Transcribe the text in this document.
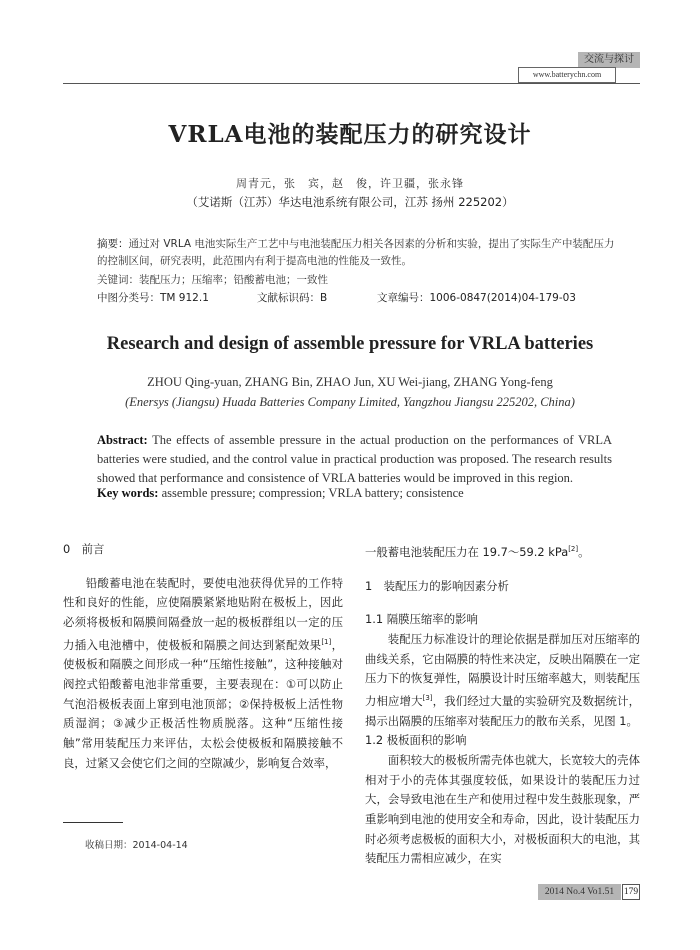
交流与探讨
www.batterychn.com
VRLA电池的装配压力的研究设计
周青元，张　宾，赵　俊，许卫疆，张永锋
（艾诺斯（江苏）华达电池系统有限公司，江苏 扬州 225202）
摘要：通过对 VRLA 电池实际生产工艺中与电池装配压力相关各因素的分析和实验，提出了实际生产中装配压力的控制区间，研究表明，此范围内有利于提高电池的性能及一致性。
关键词：装配压力；压缩率；铅酸蓄电池；一致性
中图分类号：TM 912.1	文献标识码：B	文章编号：1006-0847(2014)04-179-03
Research and design of assemble pressure for VRLA batteries
ZHOU Qing-yuan, ZHANG Bin, ZHAO Jun, XU Wei-jiang, ZHANG Yong-feng
(Enersys (Jiangsu) Huada Batteries Company Limited, Yangzhou Jiangsu 225202, China)
Abstract: The effects of assemble pressure in the actual production on the performances of VRLA batteries were studied, and the control value in practical production was proposed. The research results showed that performance and consistence of VRLA batteries would be improved in this region.
Key words: assemble pressure; compression; VRLA battery; consistence
0　前言

铅酸蓄电池在装配时，要使电池获得优异的工作特性和良好的性能，应使隔膜紧紧地贴附在极板上，因此必须将极板和隔膜间隔叠放一起的极板群组以一定的压力插入电池槽中，使极板和隔膜之间达到紧配效果[1]，使极板和隔膜之间形成一种“压缩性接触”，这种接触对阀控式铅酸蓄电池非常重要，主要表现在：①可以防止气泡沿极板表面上窜到电池顶部；②保持极板上活性物质湿润；③减少正极活性物质脱落。这种“压缩性接触”常用装配压力来评估，太松会使极板和隔膜接触不良，过紧又会使它们之间的空隙减少，影响复合效率，

一般蓄电池装配压力在 19.7～59.2 kPa[2]。

1　装配压力的影响因素分析
1.1 隔膜压缩率的影响

装配压力标准设计的理论依据是群加压对压缩率的曲线关系，它由隔膜的特性来决定，反映出隔膜在一定压力下的恢复弹性，隔膜设计时压缩率越大，则装配压力相应增大[3]，我们经过大量的实验研究及数据统计，揭示出隔膜的压缩率对装配压力的散布关系，见图 1。

1.2 极板面积的影响

面积较大的极板所需壳体也就大，长宽较大的壳体相对于小的壳体其强度较低，如果设计的装配压力过大，会导致电池在生产和使用过程中发生鼓胀现象，严重影响到电池的使用安全和寿命，因此，设计装配压力时必须考虑极板的面积大小，对极板面积大的电池，其装配压力需相应减少，在实

收稿日期：2014-04-14
2014 No.4 Vo1.51	179
